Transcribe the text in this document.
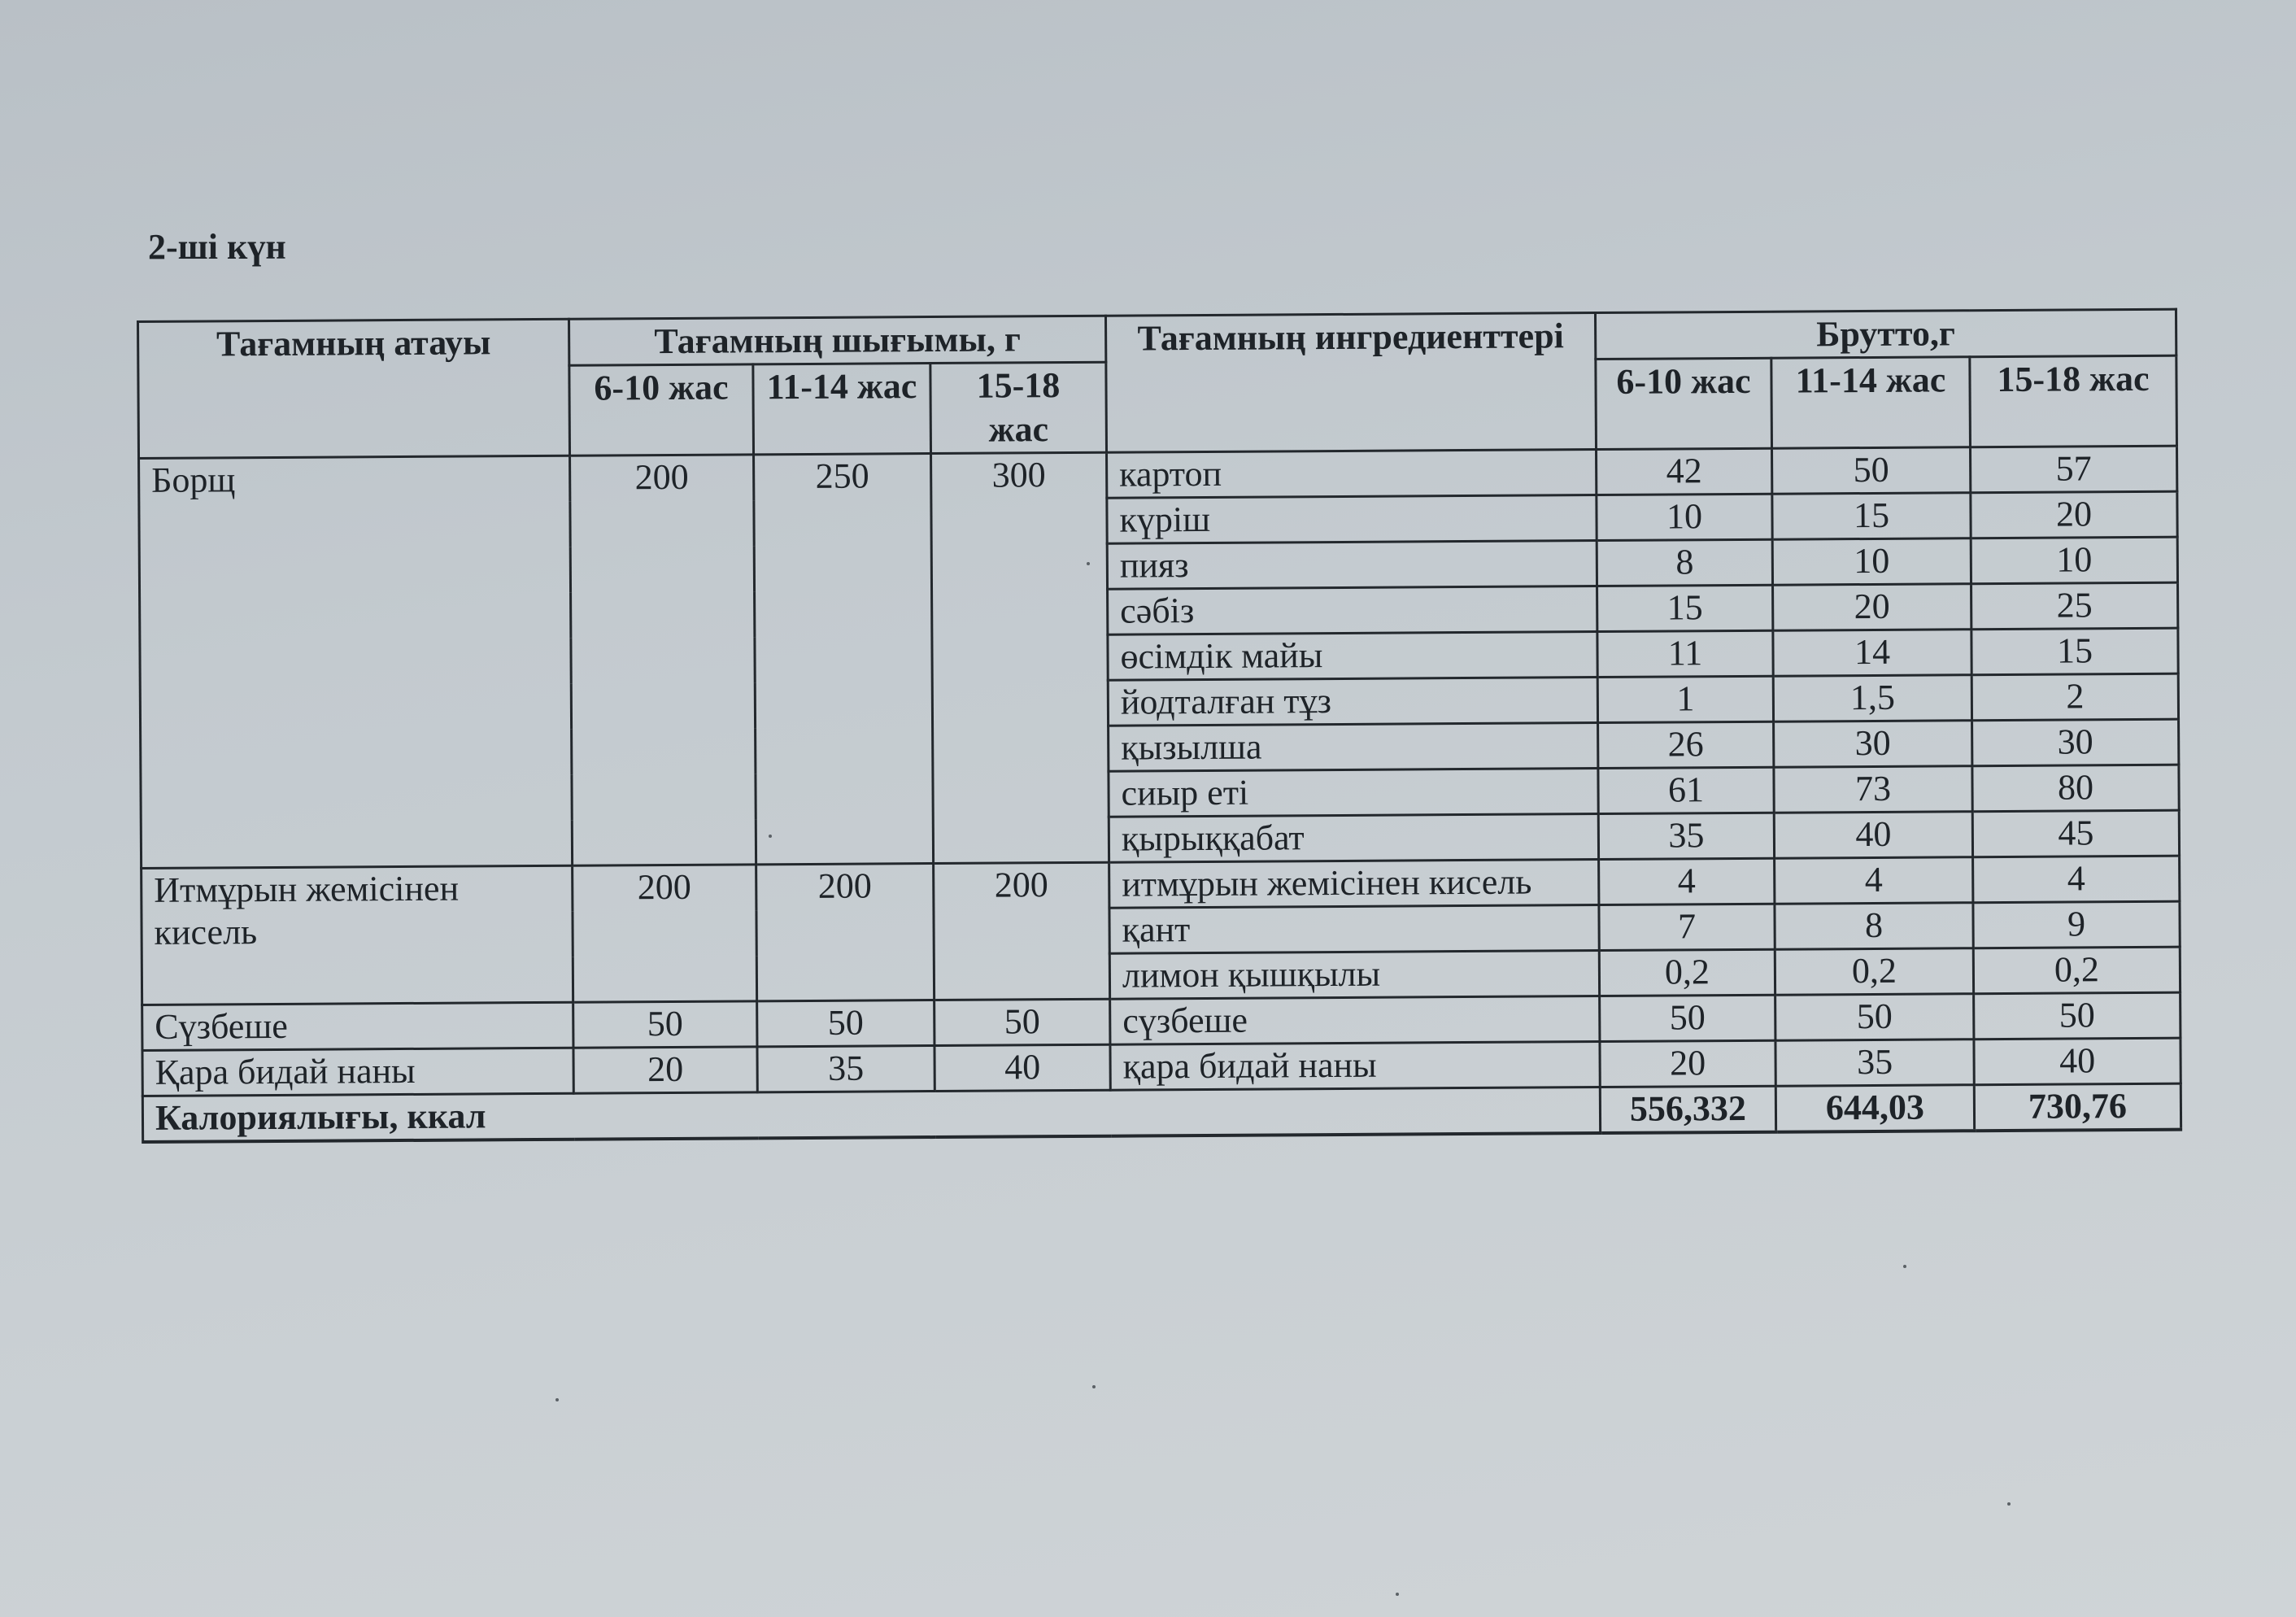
2-ші күн
Тағамның атауы	Тағамның шығымы, г			Тағамның ингредиенттері	Брутто,г		
	6-10 жас	11-14 жас	15-18 жас		6-10 жас	11-14 жас	15-18 жас
Борщ	200	250	300	картоп	42	50	57
				күріш	10	15	20
				пияз	8	10	10
				сәбіз	15	20	25
				өсімдік майы	11	14	15
				йодталған тұз	1	1,5	2
				қызылша	26	30	30
				сиыр еті	61	73	80
				қырыққабат	35	40	45
Итмұрын жемісінен кисель	200	200	200	итмұрын жемісінен кисель	4	4	4
				қант	7	8	9
				лимон қышқылы	0,2	0,2	0,2
Сүзбеше	50	50	50	сүзбеше	50	50	50
Қара бидай наны	20	35	40	қара бидай наны	20	35	40
Калориялығы, ккал					556,332	644,03	730,76
